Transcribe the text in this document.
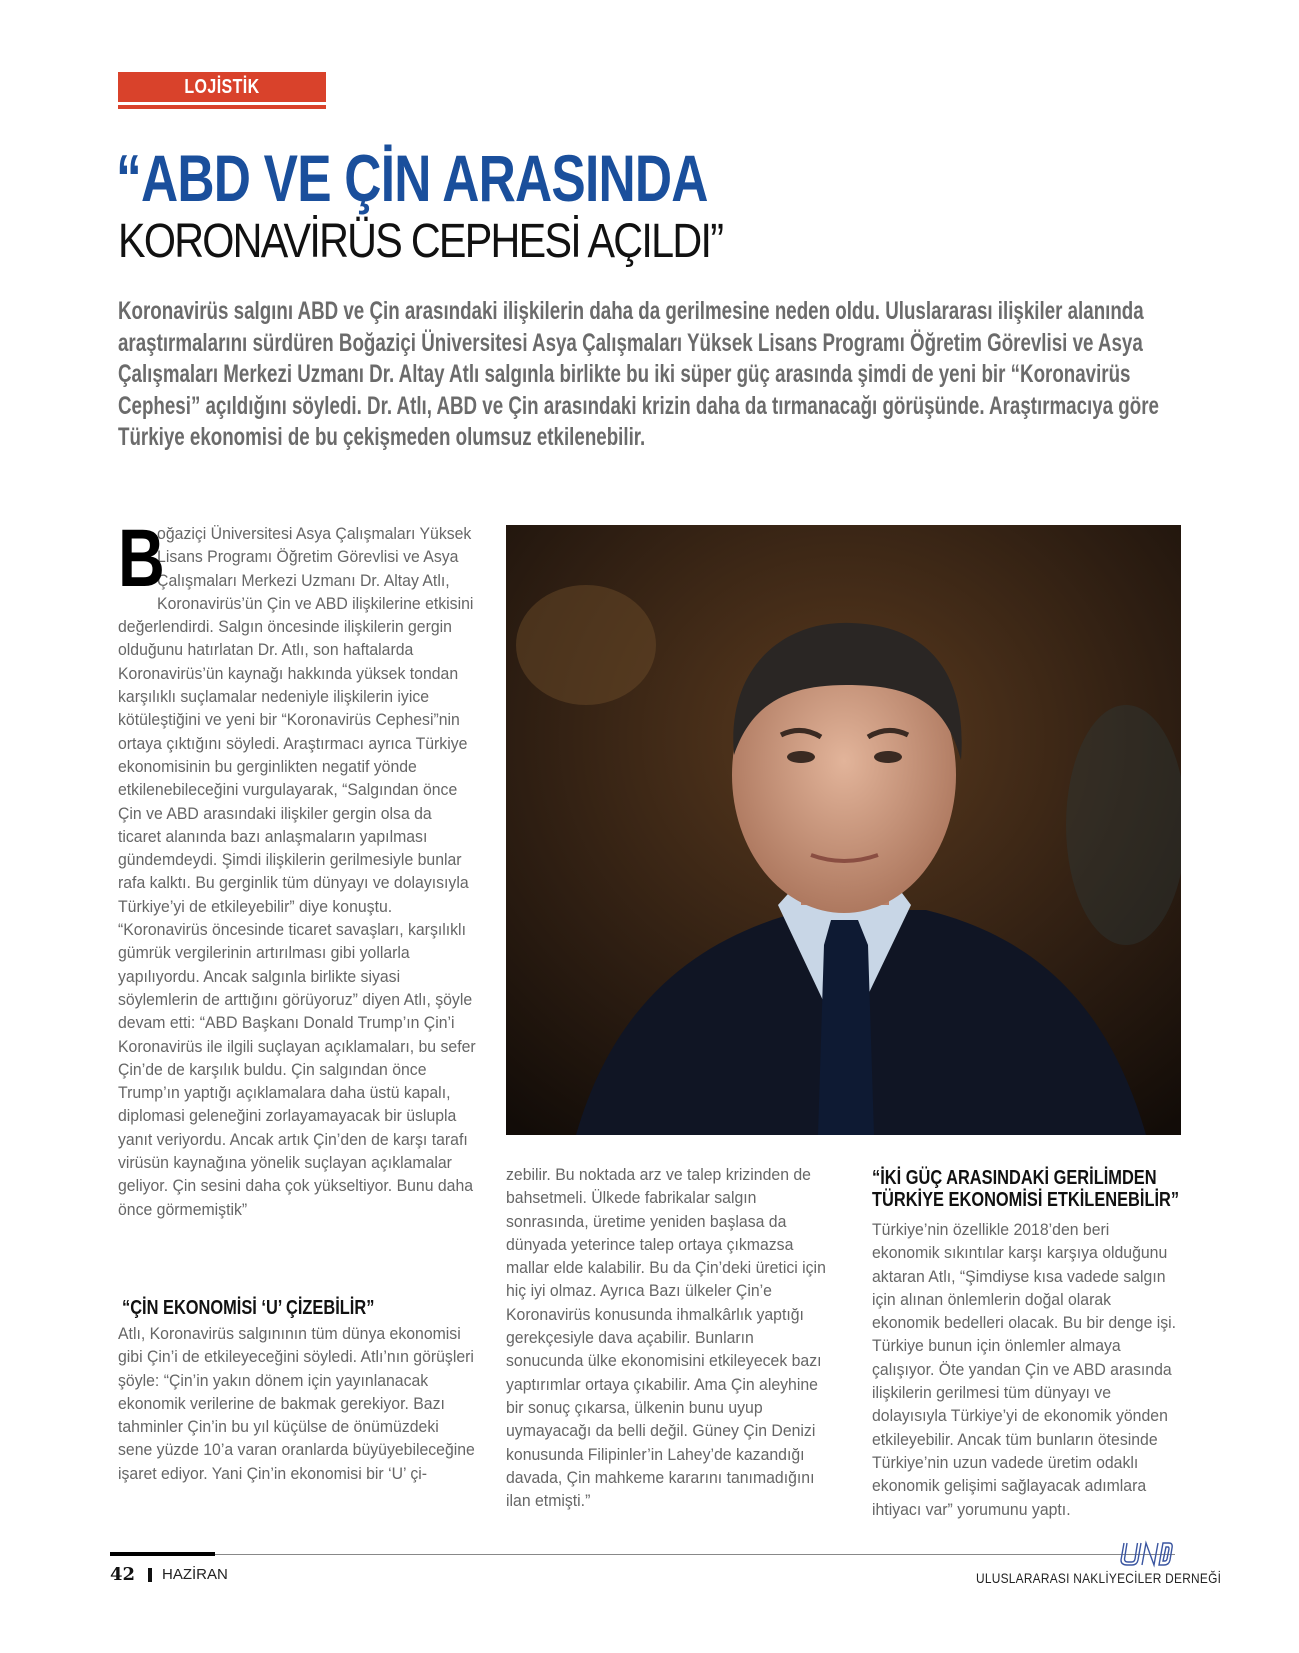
LOJİSTİK
“ABD VE ÇİN ARASINDA
KORONAVİRÜS CEPHESİ AÇILDI”
Koronavirüs salgını ABD ve Çin arasındaki ilişkilerin daha da gerilmesine neden oldu. Uluslararası ilişkiler alanında araştırmalarını sürdüren Boğaziçi Üniversitesi Asya Çalışmaları Yüksek Lisans Programı Öğretim Görevlisi ve Asya Çalışmaları Merkezi Uzmanı Dr. Altay Atlı salgınla birlikte bu iki süper güç arasında şimdi de yeni bir “Koronavirüs Cephesi” açıldığını söyledi. Dr. Atlı, ABD ve Çin arasındaki krizin daha da tırmanacağı görüşünde. Araştırmacıya göre Türkiye ekonomisi de bu çekişmeden olumsuz etkilenebilir.
B

oğaziçi Üniversitesi Asya Çalışmaları Yüksek Lisans Programı Öğretim Görevlisi ve Asya Çalışmaları Merkezi Uzmanı Dr. Altay Atlı, Koronavirüs’ün Çin ve ABD ilişkilerine etkisini değerlendirdi. Salgın öncesinde ilişkilerin gergin olduğunu hatırlatan Dr. Atlı, son haftalarda Koronavirüs’ün kaynağı hakkında yüksek tondan karşılıklı suçlamalar nedeniyle ilişkilerin iyice kötüleştiğini ve yeni bir “Koronavirüs Cephesi”nin ortaya çıktığını söyledi. Araştırmacı ayrıca Türkiye ekonomisinin bu gerginlikten negatif yönde etkilenebileceğini vurgulayarak, “Salgından önce Çin ve ABD arasındaki ilişkiler gergin olsa da ticaret alanında bazı anlaşmaların yapılması gündemdeydi. Şimdi ilişkilerin gerilmesiyle bunlar rafa kalktı. Bu gerginlik tüm dünyayı ve dolayısıyla Türkiye’yi de etkileyebilir” diye konuştu.

“Koronavirüs öncesinde ticaret savaşları, karşılıklı gümrük vergilerinin artırılması gibi yollarla yapılıyordu. Ancak salgınla birlikte siyasi söylemlerin de arttığını görüyoruz” diyen Atlı, şöyle devam etti: “ABD Başkanı Donald Trump’ın Çin’i Koronavirüs ile ilgili suçlayan açıklamaları, bu sefer Çin’de de karşılık buldu. Çin salgından önce Trump’ın yaptığı açıklamalara daha üstü kapalı, diplomasi geleneğini zorlayamayacak bir üslupla yanıt veriyordu. Ancak artık Çin’den de karşı tarafı virüsün kaynağına yönelik suçlayan açıklamalar geliyor. Çin sesini daha çok yükseltiyor. Bunu daha önce görmemiştik”

“ÇİN EKONOMİSİ ‘U’ ÇİZEBİLİR”

Atlı, Koronavirüs salgınının tüm dünya ekonomisi gibi Çin’i de etkileyeceğini söyledi. Atlı’nın görüşleri şöyle: “Çin’in yakın dönem için yayınlanacak ekonomik verilerine de bakmak gerekiyor. Bazı tahminler Çin’in bu yıl küçülse de önümüzdeki sene yüzde 10’a varan oranlarda büyüyebileceğine işaret ediyor. Yani Çin’in ekonomisi bir ‘U’ çi-

zebilir. Bu noktada arz ve talep krizinden de bahsetmeli. Ülkede fabrikalar salgın sonrasında, üretime yeniden başlasa da dünyada yeterince talep ortaya çıkmazsa mallar elde kalabilir. Bu da Çin’deki üretici için hiç iyi olmaz. Ayrıca Bazı ülkeler Çin’e Koronavirüs konusunda ihmalkârlık yaptığı gerekçesiyle dava açabilir. Bunların sonucunda ülke ekonomisini etkileyecek bazı yaptırımlar ortaya çıkabilir. Ama Çin aleyhine bir sonuç çıkarsa, ülkenin bunu uyup uymayacağı da belli değil. Güney Çin Denizi konusunda Filipinler’in Lahey’de kazandığı davada, Çin mahkeme kararını tanımadığını ilan etmişti.”

“İKİ GÜÇ ARASINDAKİ GERİLİMDEN
TÜRKİYE EKONOMİSİ ETKİLENEBİLİR”

Türkiye’nin özellikle 2018’den beri ekonomik sıkıntılar karşı karşıya olduğunu aktaran Atlı, “Şimdiyse kısa vadede salgın için alınan önlemlerin doğal olarak ekonomik bedelleri olacak. Bu bir denge işi. Türkiye bunun için önlemler almaya çalışıyor. Öte yandan Çin ve ABD arasında ilişkilerin gerilmesi tüm dünyayı ve dolayısıyla Türkiye’yi de ekonomik yönden etkileyebilir. Ancak tüm bunların ötesinde Türkiye’nin uzun vadede üretim odaklı ekonomik gelişimi sağlayacak adımlara ihtiyacı var” yorumunu yaptı.

42 HAZİRAN	ULUSLARARASI NAKLİYECİLER DERNEĞİ
